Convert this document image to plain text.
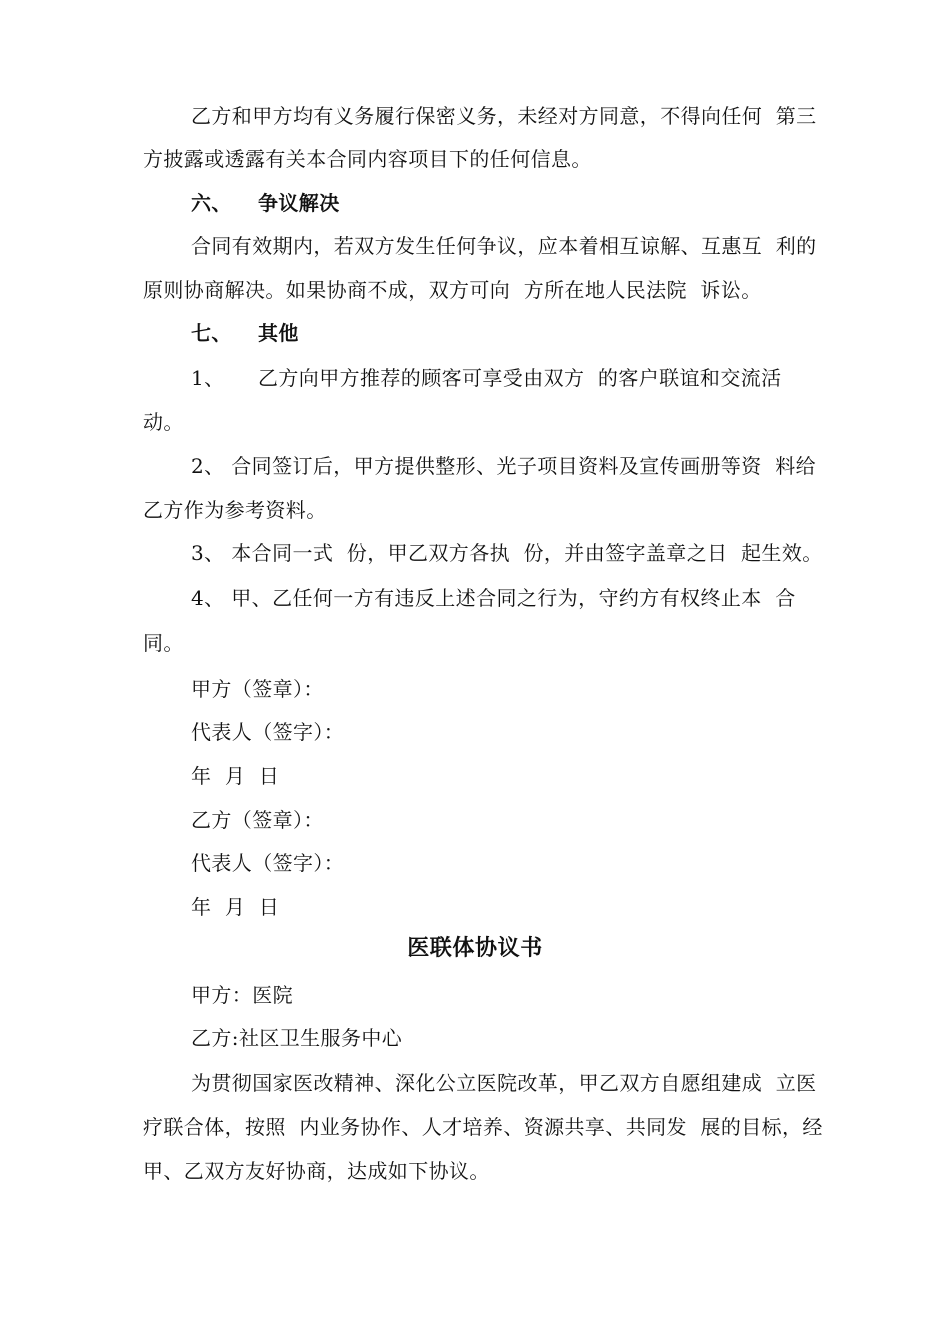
乙方和甲方均有义务履行保密义务，未经对方同意，不得向任何  第三
方披露或透露有关本合同内容项目下的任何信息。
六、 争议解决
合同有效期内，若双方发生任何争议，应本着相互谅解、互惠互  利的
原则协商解决。如果协商不成，双方可向  方所在地人民法院  诉讼。
七、 其他
1、 乙方向甲方推荐的顾客可享受由双方  的客户联谊和交流活
动。
2、 合同签订后，甲方提供整形、光子项目资料及宣传画册等资  料给
乙方作为参考资料。
3、 本合同一式  份，甲乙双方各执  份，并由签字盖章之日  起生效。
4、 甲、乙任何一方有违反上述合同之行为，守约方有权终止本  合
同。
甲方（签章）：
代表人（签字）：
年  月  日
乙方（签章）：
代表人（签字）：
年  月  日
医联体协议书
甲方：医院
乙方:社区卫生服务中心
为贯彻国家医改精神、深化公立医院改革，甲乙双方自愿组建成  立医
疗联合体，按照  内业务协作、人才培养、资源共享、共同发  展的目标，经
甲、乙双方友好协商，达成如下协议。
